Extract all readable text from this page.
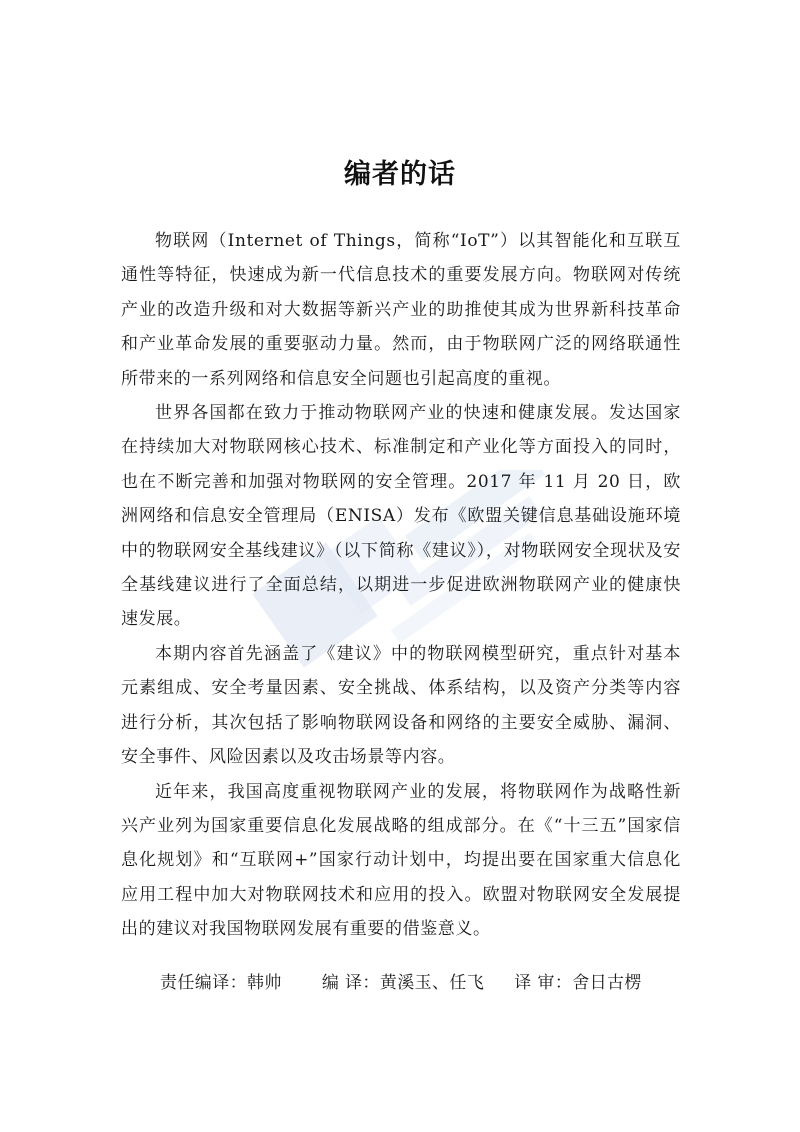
编者的话

物联网（Internet of Things，简称“IoT”）以其智能化和互联互通性等特征，快速成为新一代信息技术的重要发展方向。物联网对传统产业的改造升级和对大数据等新兴产业的助推使其成为世界新科技革命和产业革命发展的重要驱动力量。然而，由于物联网广泛的网络联通性所带来的一系列网络和信息安全问题也引起高度的重视。

世界各国都在致力于推动物联网产业的快速和健康发展。发达国家在持续加大对物联网核心技术、标准制定和产业化等方面投入的同时，也在不断完善和加强对物联网的安全管理。2017 年 11 月 20 日，欧洲网络和信息安全管理局（ENISA）发布《欧盟关键信息基础设施环境中的物联网安全基线建议》（以下简称《建议》），对物联网安全现状及安全基线建议进行了全面总结，以期进一步促进欧洲物联网产业的健康快速发展。

本期内容首先涵盖了《建议》中的物联网模型研究，重点针对基本元素组成、安全考量因素、安全挑战、体系结构，以及资产分类等内容进行分析，其次包括了影响物联网设备和网络的主要安全威胁、漏洞、安全事件、风险因素以及攻击场景等内容。

近年来，我国高度重视物联网产业的发展，将物联网作为战略性新兴产业列为国家重要信息化发展战略的组成部分。在《“十三五”国家信息化规划》和“互联网+”国家行动计划中，均提出要在国家重大信息化应用工程中加大对物联网技术和应用的投入。欧盟对物联网安全发展提出的建议对我国物联网发展有重要的借鉴意义。

责任编译：韩帅 编 译：黄溪玉、任飞 译 审：舍日古楞
